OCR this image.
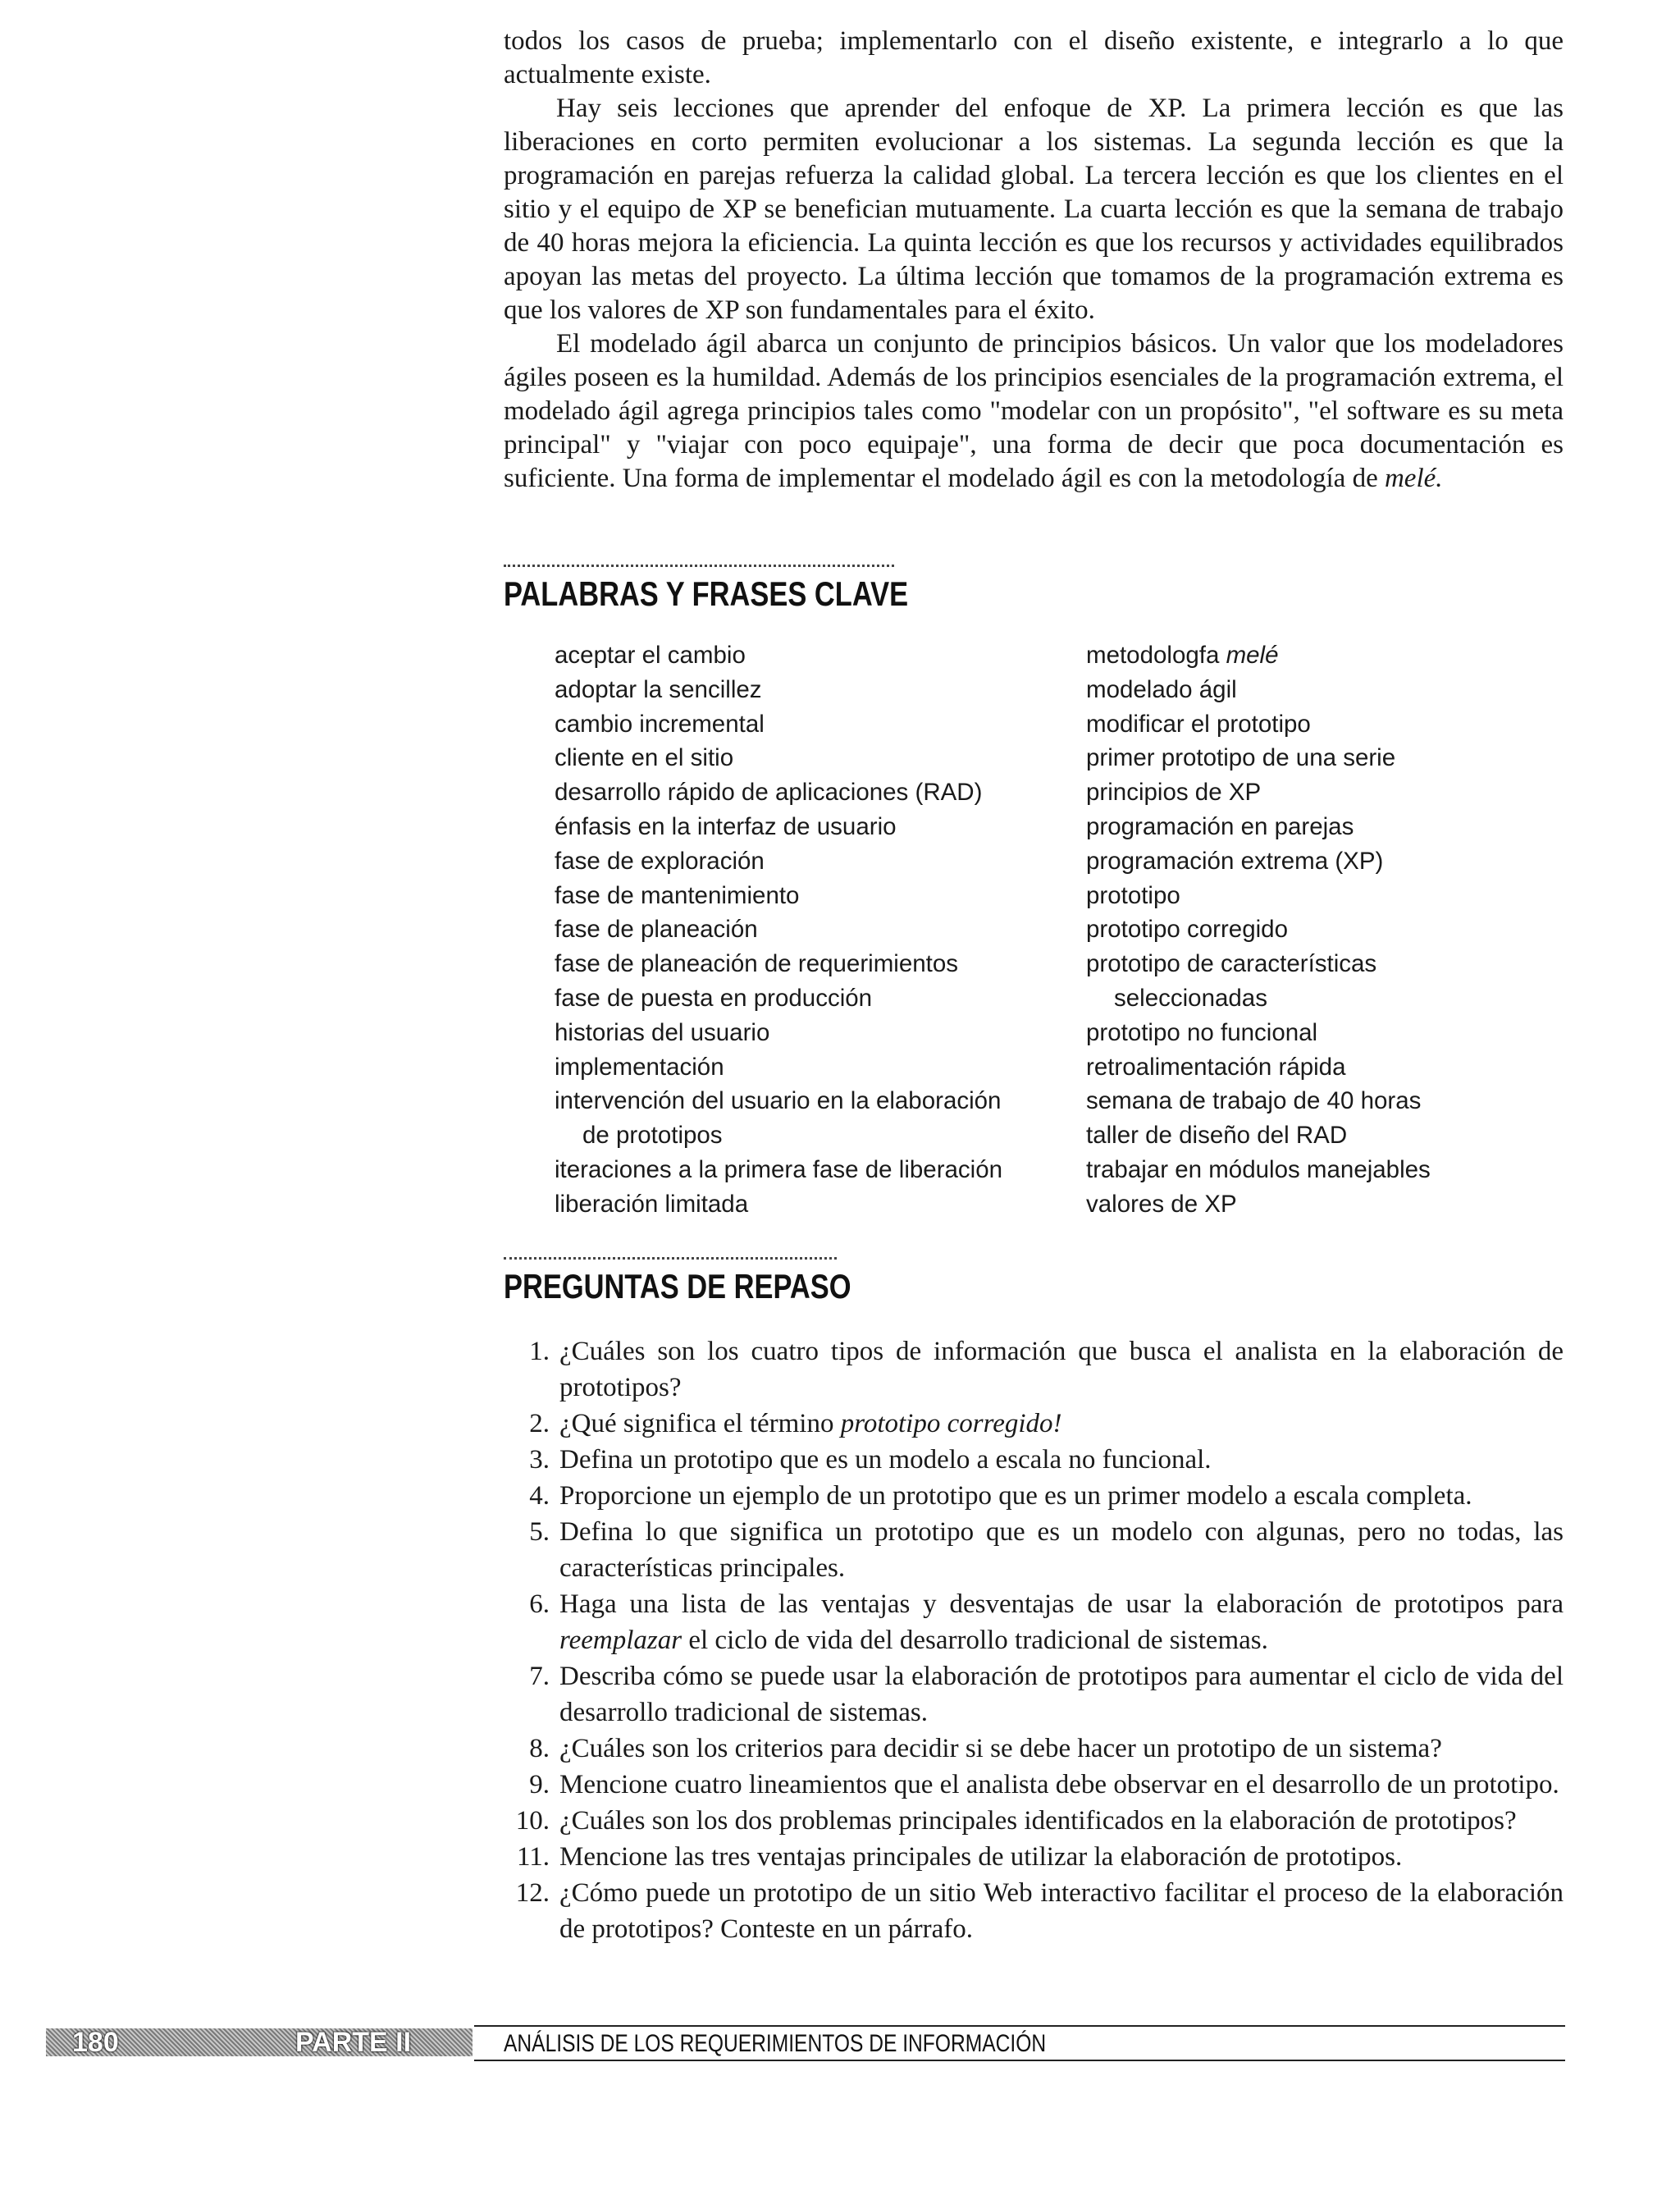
todos los casos de prueba; implementarlo con el diseño existente, e integrarlo a lo que actualmente existe.

Hay seis lecciones que aprender del enfoque de XP. La primera lección es que las liberaciones en corto permiten evolucionar a los sistemas. La segunda lección es que la programación en parejas refuerza la calidad global. La tercera lección es que los clientes en el sitio y el equipo de XP se benefician mutuamente. La cuarta lección es que la semana de trabajo de 40 horas mejora la eficiencia. La quinta lección es que los recursos y actividades equilibrados apoyan las metas del proyecto. La última lección que tomamos de la programación extrema es que los valores de XP son fundamentales para el éxito.

El modelado ágil abarca un conjunto de principios básicos. Un valor que los modeladores ágiles poseen es la humildad. Además de los principios esenciales de la programación extrema, el modelado ágil agrega principios tales como "modelar con un propósito", "el software es su meta principal" y "viajar con poco equipaje", una forma de decir que poca documentación es suficiente. Una forma de implementar el modelado ágil es con la metodología de melé.

PALABRAS Y FRASES CLAVE
aceptar el cambio
adoptar la sencillez
cambio incremental
cliente en el sitio
desarrollo rápido de aplicaciones (RAD)
énfasis en la interfaz de usuario
fase de exploración
fase de mantenimiento
fase de planeación
fase de planeación de requerimientos
fase de puesta en producción
historias del usuario
implementación
intervención del usuario en la elaboración
de prototipos
iteraciones a la primera fase de liberación
liberación limitada
metodologfa melé
modelado ágil
modificar el prototipo
primer prototipo de una serie
principios de XP
programación en parejas
programación extrema (XP)
prototipo
prototipo corregido
prototipo de características
seleccionadas
prototipo no funcional
retroalimentación rápida
semana de trabajo de 40 horas
taller de diseño del RAD
trabajar en módulos manejables
valores de XP
PREGUNTAS DE REPASO
1. ¿Cuáles son los cuatro tipos de información que busca el analista en la elaboración de prototipos?
2. ¿Qué significa el término prototipo corregido!
3. Defina un prototipo que es un modelo a escala no funcional.
4. Proporcione un ejemplo de un prototipo que es un primer modelo a escala completa.
5. Defina lo que significa un prototipo que es un modelo con algunas, pero no todas, las características principales.
6. Haga una lista de las ventajas y desventajas de usar la elaboración de prototipos para reemplazar el ciclo de vida del desarrollo tradicional de sistemas.
7. Describa cómo se puede usar la elaboración de prototipos para aumentar el ciclo de vida del desarrollo tradicional de sistemas.
8. ¿Cuáles son los criterios para decidir si se debe hacer un prototipo de un sistema?
9. Mencione cuatro lineamientos que el analista debe observar en el desarrollo de un prototipo.
10. ¿Cuáles son los dos problemas principales identificados en la elaboración de prototipos?
11. Mencione las tres ventajas principales de utilizar la elaboración de prototipos.
12. ¿Cómo puede un prototipo de un sitio Web interactivo facilitar el proceso de la elaboración de prototipos? Conteste en un párrafo.
180	PARTE II	ANÁLISIS DE LOS REQUERIMIENTOS DE INFORMACIÓN
